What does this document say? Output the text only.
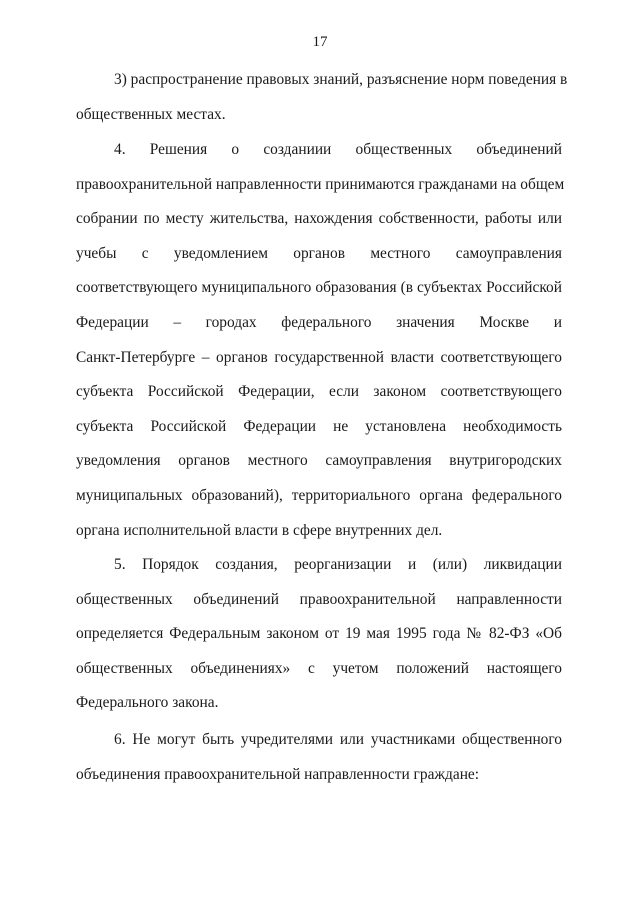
17
3) распространение правовых знаний, разъяснение норм поведения в
общественных местах.
4. Решения о созданиии общественных объединений
правоохранительной направленности принимаются гражданами на общем
собрании по месту жительства, нахождения собственности, работы или
учебы с уведомлением органов местного самоуправления
соответствующего муниципального образования (в субъектах Российской
Федерации – городах федерального значения Москве и
Санкт-Петербурге – органов государственной власти соответствующего
субъекта Российской Федерации, если законом соответствующего
субъекта Российской Федерации не установлена необходимость
уведомления органов местного самоуправления внутригородских
муниципальных образований), территориального органа федерального
органа исполнительной власти в сфере внутренних дел.
5. Порядок создания, реорганизации и (или) ликвидации
общественных объединений правоохранительной направленности
определяется Федеральным законом от 19 мая 1995 года № 82-ФЗ «Об
общественных объединениях» с учетом положений настоящего
Федерального закона.
6. Не могут быть учредителями или участниками общественного
объединения правоохранительной направленности граждане:
